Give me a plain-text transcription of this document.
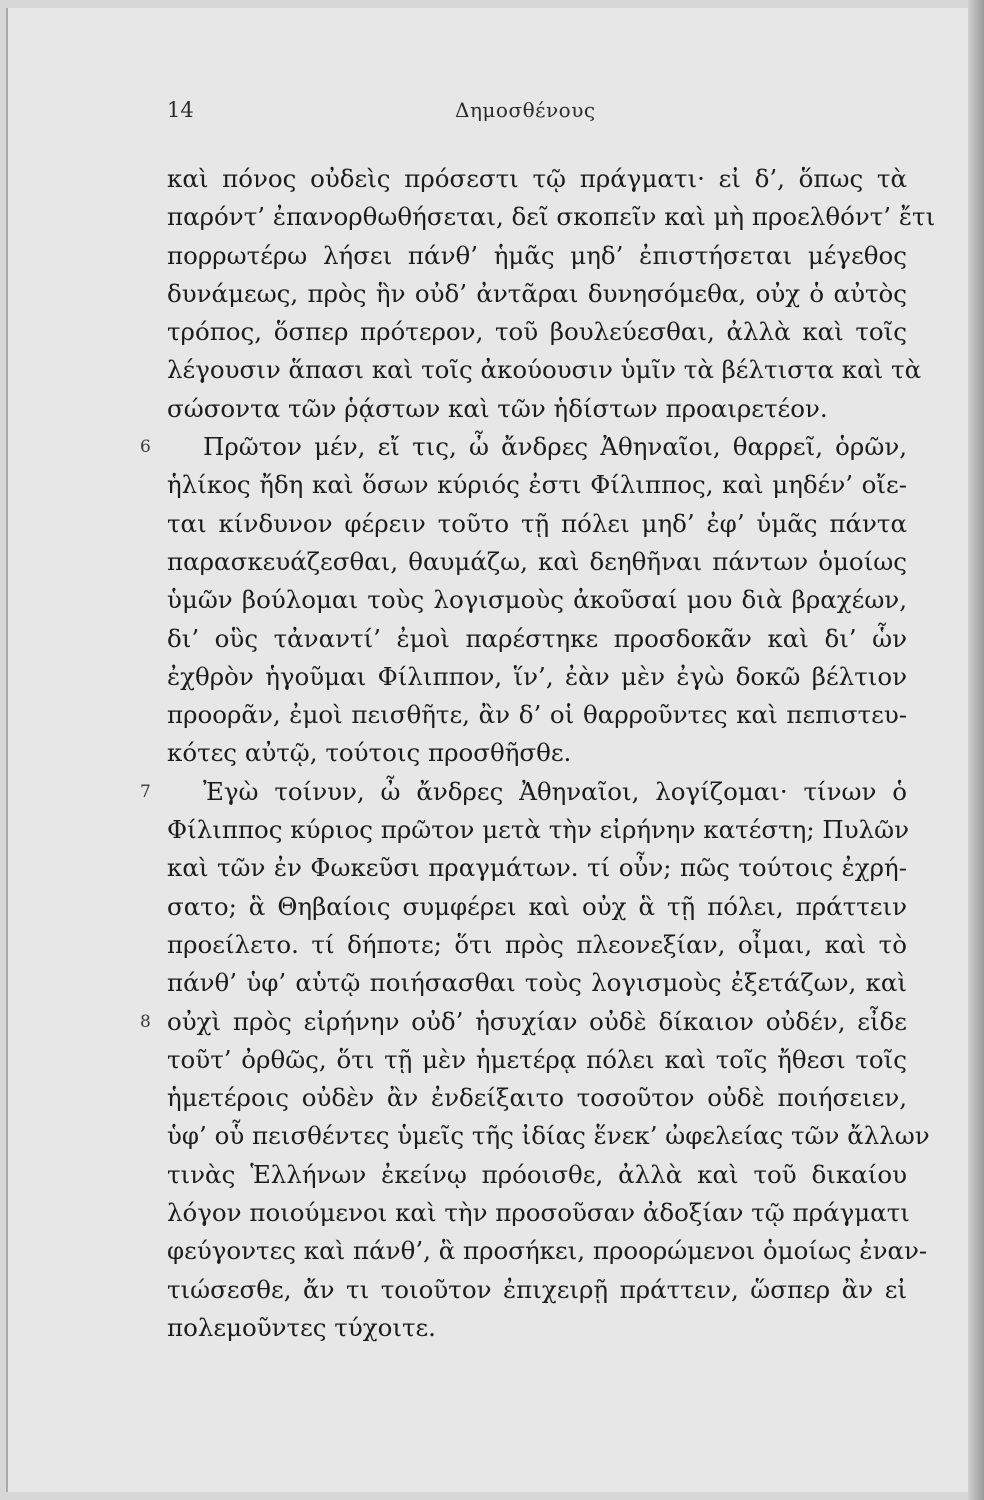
14	Δημοσθένους
καὶ πόνος οὐδεὶς πρόσεστι τῷ πράγματι· εἰ δ’, ὅπως τὰ
παρόντ’ ἐπανορθωθήσεται, δεῖ σκοπεῖν καὶ μὴ προελθόντ’ ἔτι
πορρωτέρω λήσει πάνθ’ ἡμᾶς μηδ’ ἐπιστήσεται μέγεθος
δυνάμεως, πρὸς ἣν οὐδ’ ἀντᾶραι δυνησόμεθα, οὐχ ὁ αὐτὸς
τρόπος, ὅσπερ πρότερον, τοῦ βουλεύεσθαι, ἀλλὰ καὶ τοῖς
λέγουσιν ἅπασι καὶ τοῖς ἀκούουσιν ὑμῖν τὰ βέλτιστα καὶ τὰ
σώσοντα τῶν ῥᾴστων καὶ τῶν ἡδίστων προαιρετέον.
6 Πρῶτον μέν, εἴ τις, ὦ ἄνδρες Ἀθηναῖοι, θαρρεῖ, ὁρῶν,
ἡλίκος ἤδη καὶ ὅσων κύριός ἐστι Φίλιππος, καὶ μηδέν’ οἴε-
ται κίνδυνον φέρειν τοῦτο τῇ πόλει μηδ’ ἐφ’ ὑμᾶς πάντα
παρασκευάζεσθαι, θαυμάζω, καὶ δεηθῆναι πάντων ὁμοίως
ὑμῶν βούλομαι τοὺς λογισμοὺς ἀκοῦσαί μου διὰ βραχέων,
δι’ οὓς τἀναντί’ ἐμοὶ παρέστηκε προσδοκᾶν καὶ δι’ ὧν
ἐχθρὸν ἡγοῦμαι Φίλιππον, ἵν’, ἐὰν μὲν ἐγὼ δοκῶ βέλτιον
προορᾶν, ἐμοὶ πεισθῆτε, ἂν δ’ οἱ θαρροῦντες καὶ πεπιστευ-
κότες αὐτῷ, τούτοις προσθῆσθε.
7 Ἐγὼ τοίνυν, ὦ ἄνδρες Ἀθηναῖοι, λογίζομαι· τίνων ὁ
Φίλιππος κύριος πρῶτον μετὰ τὴν εἰρήνην κατέστη; Πυλῶν
καὶ τῶν ἐν Φωκεῦσι πραγμάτων. τί οὖν; πῶς τούτοις ἐχρή-
σατο; ἃ Θηβαίοις συμφέρει καὶ οὐχ ἃ τῇ πόλει, πράττειν
προείλετο. τί δήποτε; ὅτι πρὸς πλεονεξίαν, οἶμαι, καὶ τὸ
πάνθ’ ὑφ’ αὑτῷ ποιήσασθαι τοὺς λογισμοὺς ἐξετάζων, καὶ
8 οὐχὶ πρὸς εἰρήνην οὐδ’ ἡσυχίαν οὐδὲ δίκαιον οὐδέν, εἶδε
τοῦτ’ ὀρθῶς, ὅτι τῇ μὲν ἡμετέρᾳ πόλει καὶ τοῖς ἤθεσι τοῖς
ἡμετέροις οὐδὲν ἂν ἐνδείξαιτο τοσοῦτον οὐδὲ ποιήσειεν,
ὑφ’ οὗ πεισθέντες ὑμεῖς τῆς ἰδίας ἕνεκ’ ὠφελείας τῶν ἄλλων
τινὰς Ἑλλήνων ἐκείνῳ πρόοισθε, ἀλλὰ καὶ τοῦ δικαίου
λόγον ποιούμενοι καὶ τὴν προσοῦσαν ἀδοξίαν τῷ πράγματι
φεύγοντες καὶ πάνθ’, ἃ προσήκει, προορώμενοι ὁμοίως ἐναν-
τιώσεσθε, ἄν τι τοιοῦτον ἐπιχειρῇ πράττειν, ὥσπερ ἂν εἰ
πολεμοῦντες τύχοιτε.
